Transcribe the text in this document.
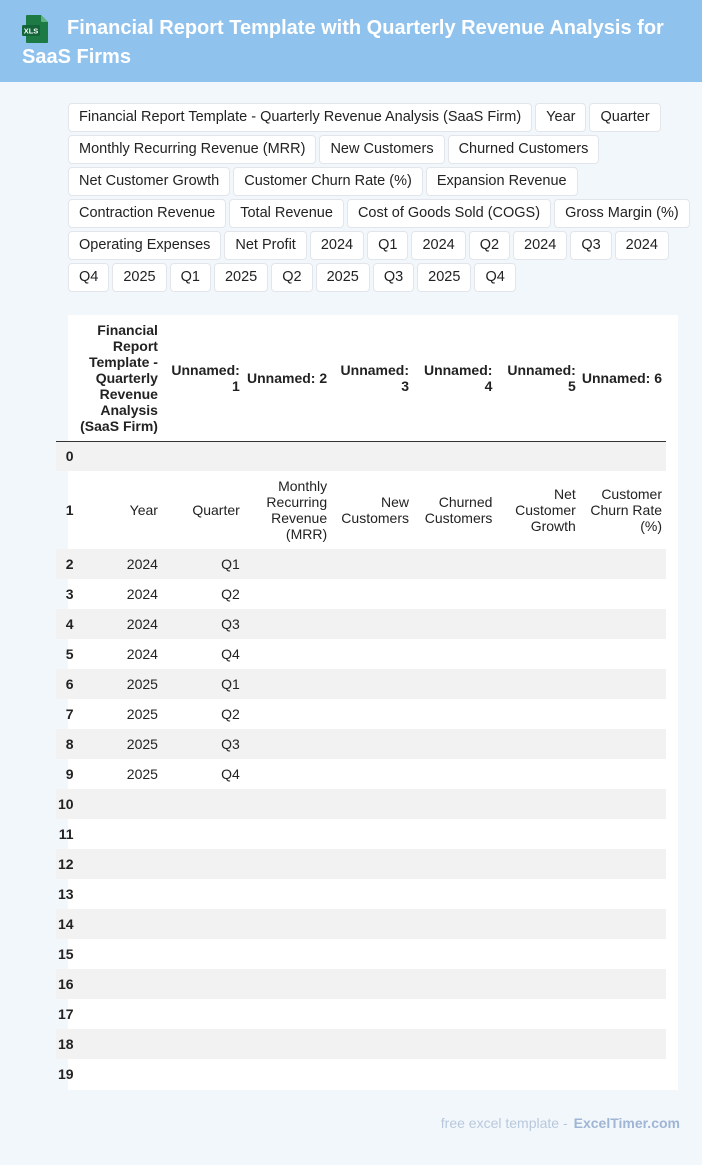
XLS	Financial Report Template with Quarterly Revenue Analysis for SaaS Firms
Financial Report Template - Quarterly Revenue Analysis (SaaS Firm)	Year	Quarter
Monthly Recurring Revenue (MRR)	New Customers	Churned Customers
Net Customer Growth	Customer Churn Rate (%)	Expansion Revenue
Contraction Revenue	Total Revenue	Cost of Goods Sold (COGS)	Gross Margin (%)
Operating Expenses	Net Profit	2024	Q1	2024	Q2	2024	Q3	2024
Q4	2025	Q1	2025	Q2	2025	Q3	2025	Q4
	Financial Report Template - Quarterly Revenue Analysis (SaaS Firm)	Unnamed: 1	Unnamed: 2	Unnamed: 3	Unnamed: 4	Unnamed: 5	Unnamed: 6
0							
1	Year	Quarter	Monthly Recurring Revenue (MRR)	New Customers	Churned Customers	Net Customer Growth	Customer Churn Rate (%)
2	2024	Q1					
3	2024	Q2					
4	2024	Q3					
5	2024	Q4					
6	2025	Q1					
7	2025	Q2					
8	2025	Q3					
9	2025	Q4					
10							
11							
12							
13							
14							
15							
16							
17							
18							
19							
free excel template - ExcelTimer.com
